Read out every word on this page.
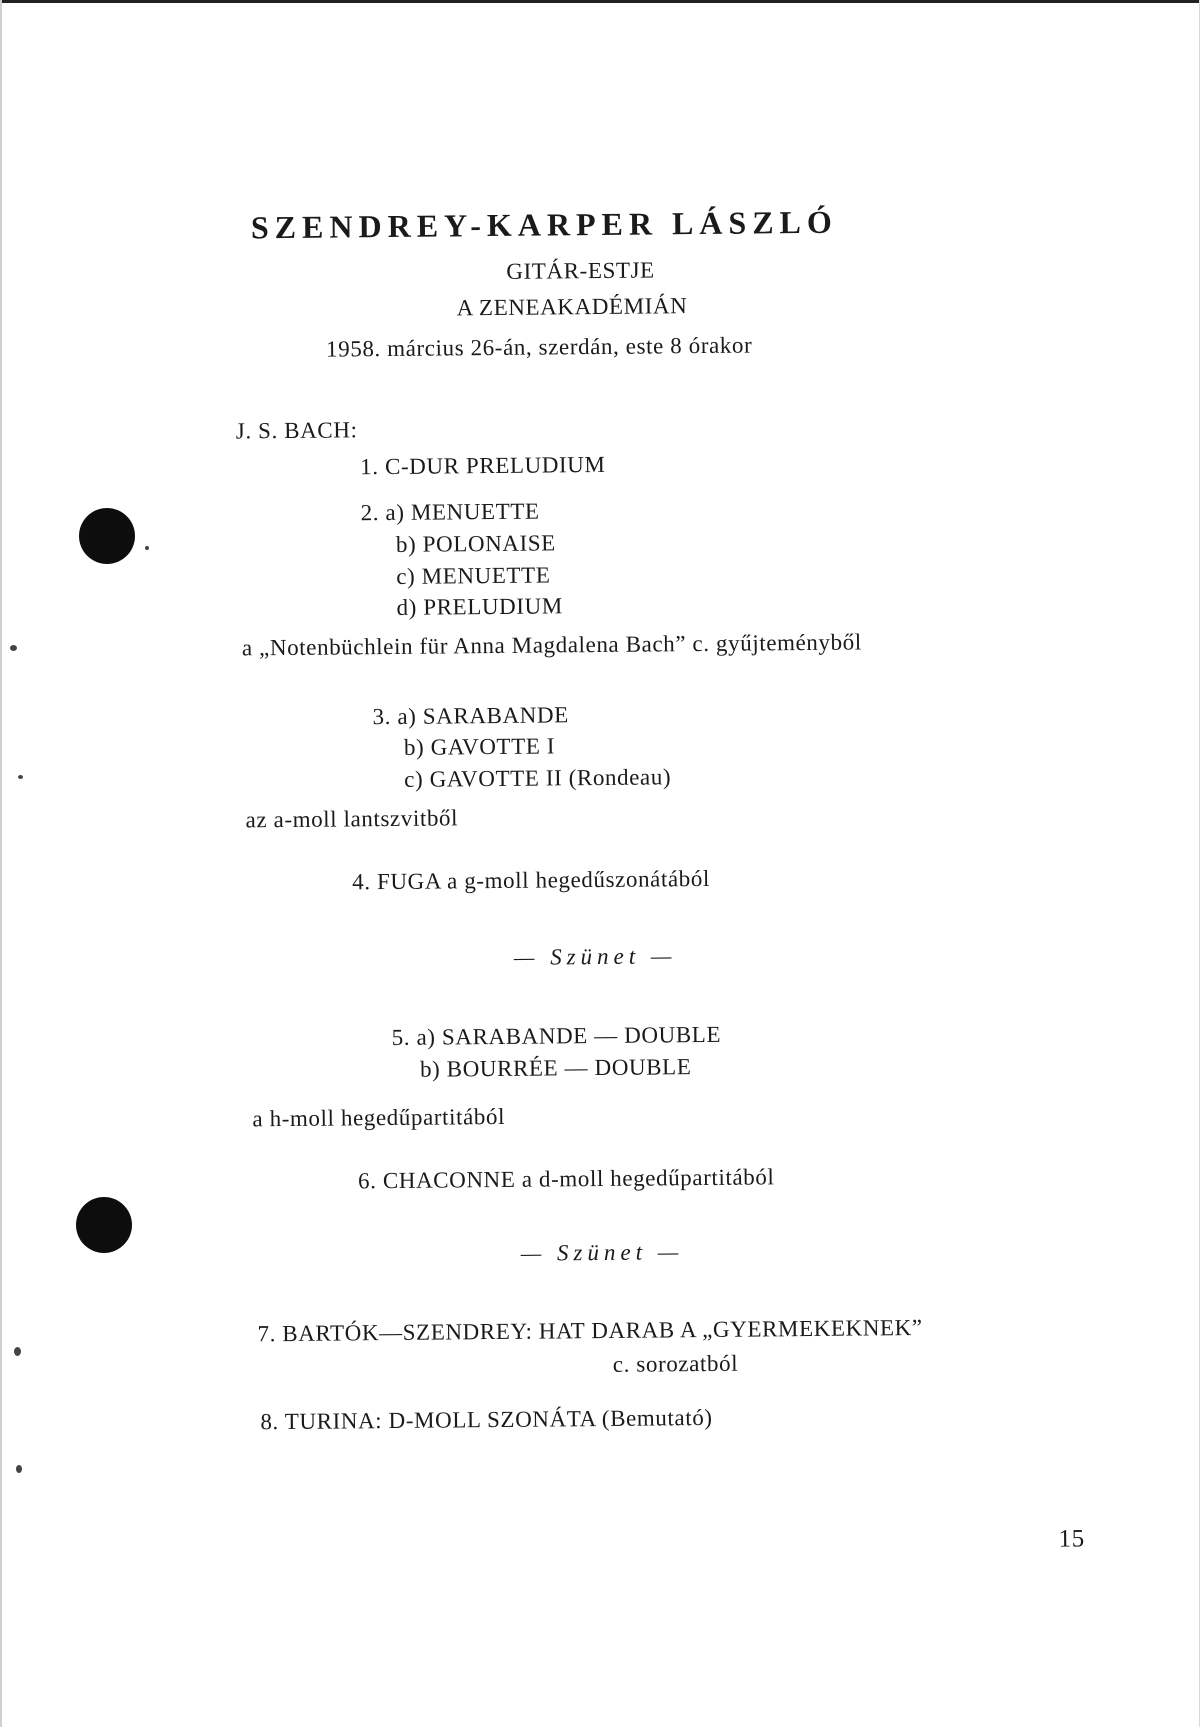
SZENDREY-KARPER LÁSZLÓ
GITÁR-ESTJE
A ZENEAKADÉMIÁN
1958. március 26-án, szerdán, este 8 órakor
J. S. BACH:
1. C-DUR PRELUDIUM
2. a) MENUETTE
b) POLONAISE
c) MENUETTE
d) PRELUDIUM
a „Notenbüchlein für Anna Magdalena Bach” c. gyűjteményből
3. a) SARABANDE
b) GAVOTTE I
c) GAVOTTE II (Rondeau)
az a-moll lantszvitből
4. FUGA a g-moll hegedűszonátából
— Szünet —
5. a) SARABANDE — DOUBLE
b) BOURRÉE — DOUBLE
a h-moll hegedűpartitából
6. CHACONNE a d-moll hegedűpartitából
— Szünet —
7. BARTÓK—SZENDREY: HAT DARAB A „GYERMEKEKNEK”
c. sorozatból
8. TURINA: D-MOLL SZONÁTA (Bemutató)
15
